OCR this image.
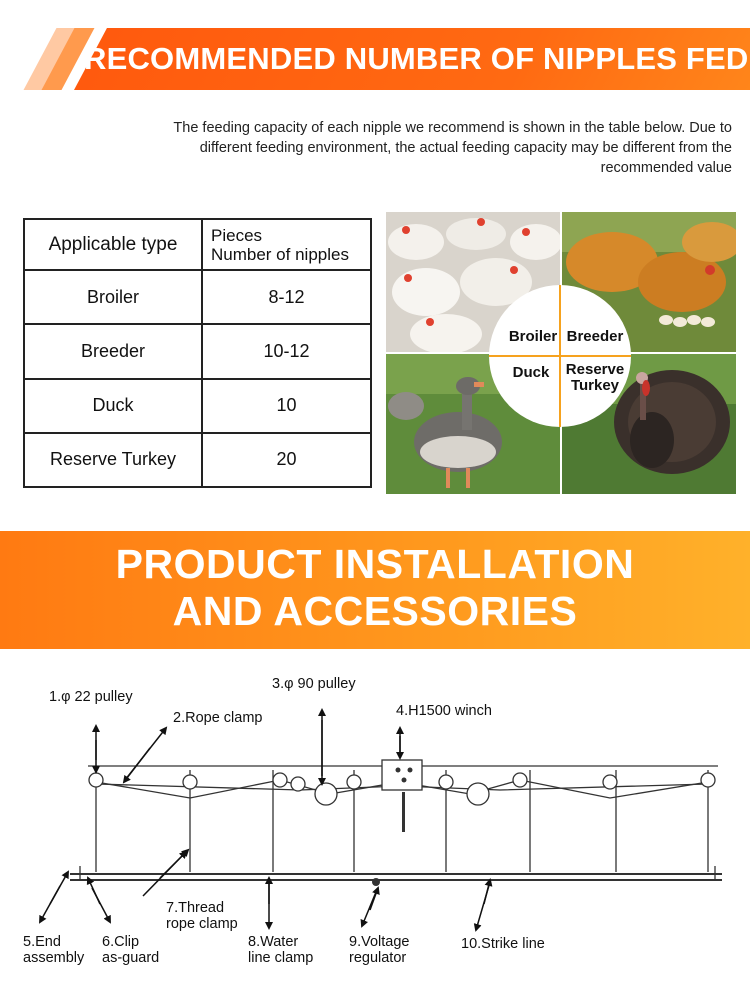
RECOMMENDED NUMBER OF NIPPLES FED
The feeding capacity of each nipple we recommend is shown in the table below. Due to
different feeding environment, the actual feeding capacity may be different from the
recommended value
Applicable type	Pieces
Number of nipples

Broiler	8-12
Breeder	10-12
Duck	10
Reserve Turkey	20
Broiler Breeder
Duck	Reserve
Turkey
PRODUCT INSTALLATION
AND ACCESSORIES
1.φ 22 pulley
2.Rope clamp
3.φ 90 pulley
4.H1500 winch
5.End
assembly
6.Clip
as-guard
7.Thread
rope clamp
8.Water
line clamp
9.Voltage
regulator
10.Strike line
